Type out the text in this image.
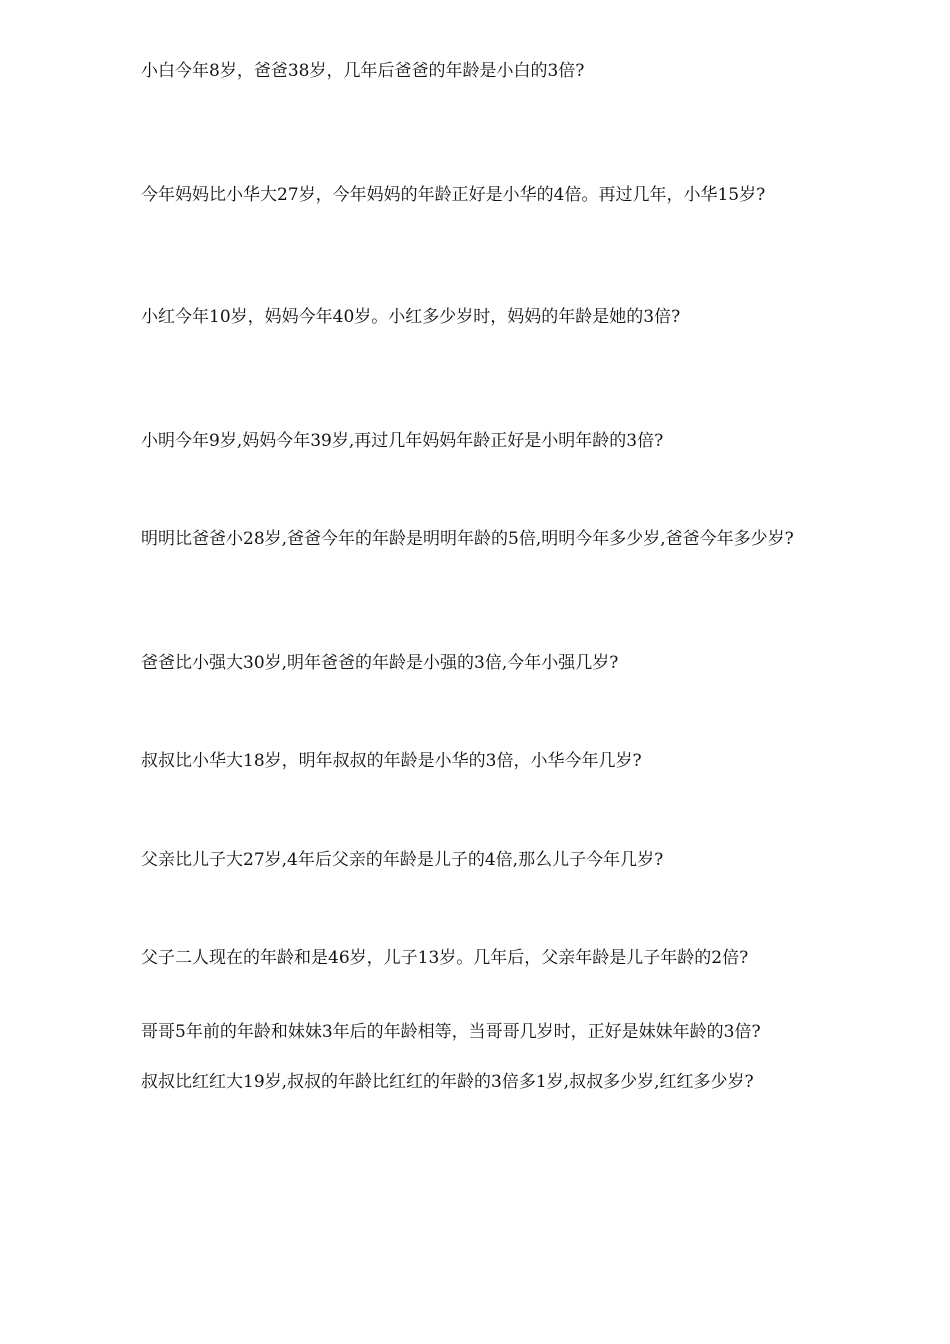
小白今年8岁，爸爸38岁，几年后爸爸的年龄是小白的3倍?

今年妈妈比小华大27岁，今年妈妈的年龄正好是小华的4倍。再过几年，小华15岁?

小红今年10岁，妈妈今年40岁。小红多少岁时，妈妈的年龄是她的3倍?

小明今年9岁,妈妈今年39岁,再过几年妈妈年龄正好是小明年龄的3倍?

明明比爸爸小28岁,爸爸今年的年龄是明明年龄的5倍,明明今年多少岁,爸爸今年多少岁?

爸爸比小强大30岁,明年爸爸的年龄是小强的3倍,今年小强几岁?

叔叔比小华大18岁，明年叔叔的年龄是小华的3倍，小华今年几岁?

父亲比儿子大27岁,4年后父亲的年龄是儿子的4倍,那么儿子今年几岁?

父子二人现在的年龄和是46岁，儿子13岁。几年后，父亲年龄是儿子年龄的2倍?

哥哥5年前的年龄和妹妹3年后的年龄相等，当哥哥几岁时，正好是妹妹年龄的3倍?

叔叔比红红大19岁,叔叔的年龄比红红的年龄的3倍多1岁,叔叔多少岁,红红多少岁?
